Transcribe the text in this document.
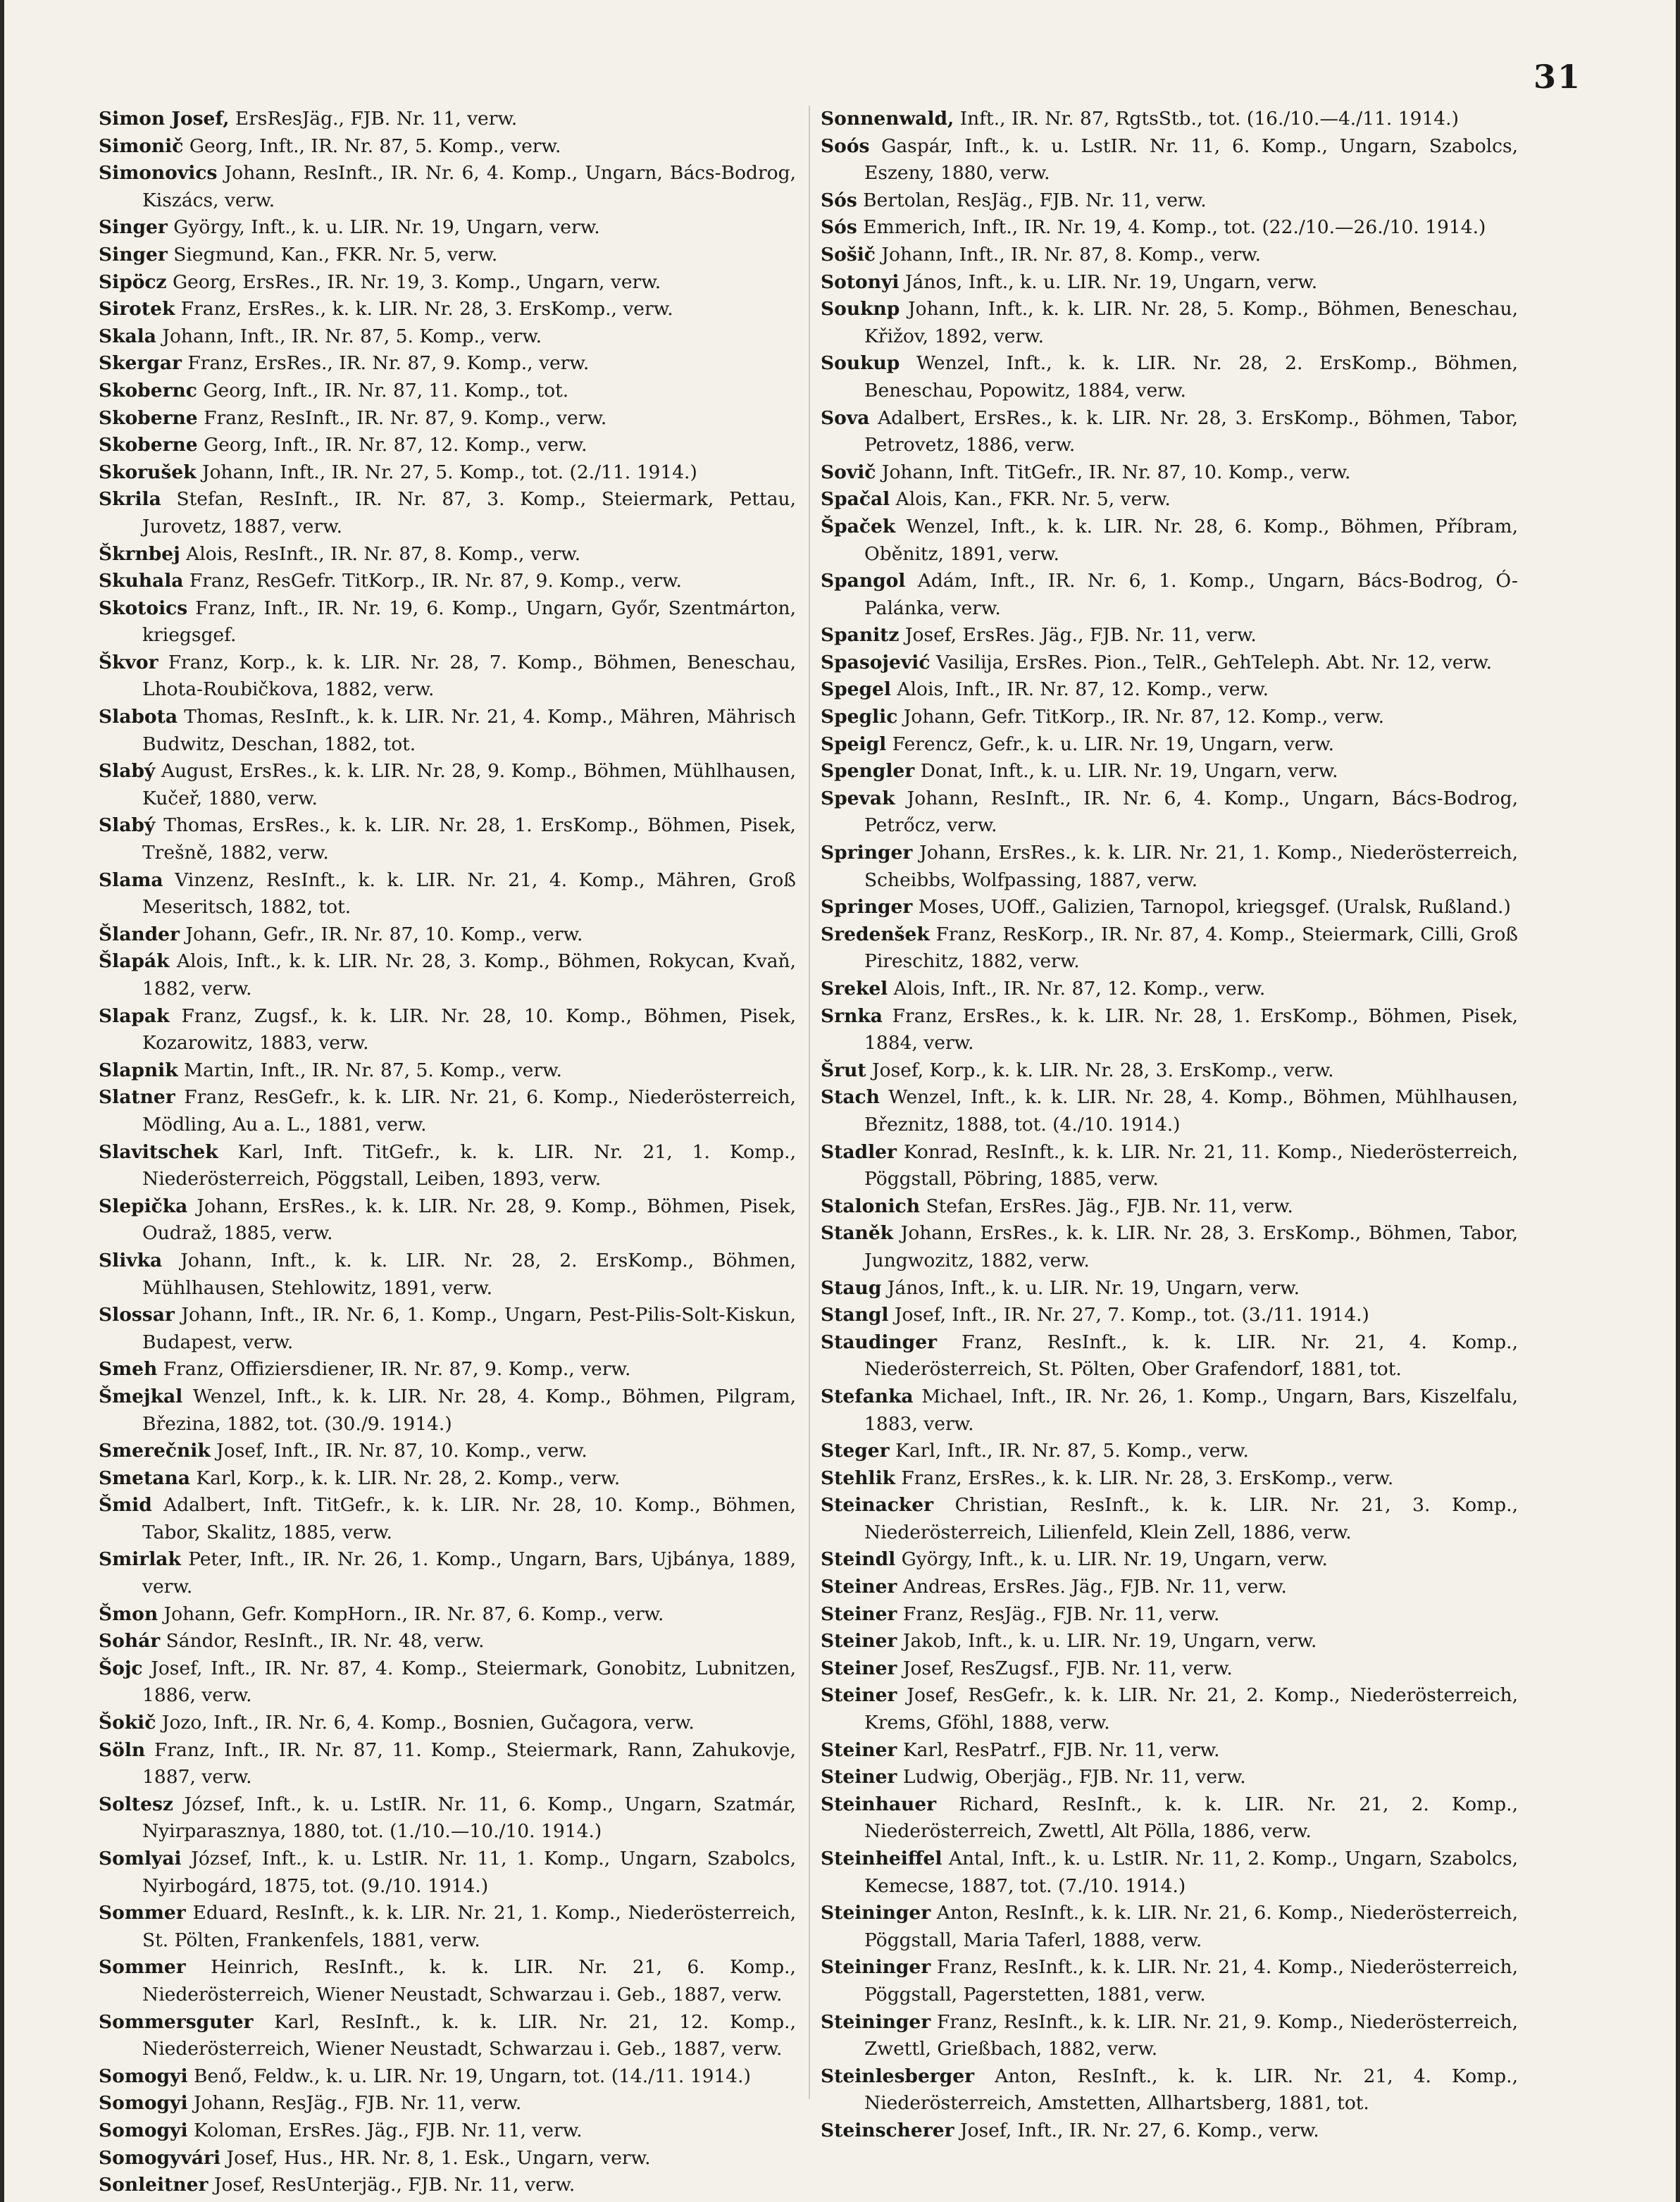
31
Simon Josef, ErsResJäg., FJB. Nr. 11, verw.
Simonič Georg, Inft., IR. Nr. 87, 5. Komp., verw.
Simonovics Johann, ResInft., IR. Nr. 6, 4. Komp., Ungarn, Bács-Bodrog, Kiszács, verw.
Singer György, Inft., k. u. LIR. Nr. 19, Ungarn, verw.
Singer Siegmund, Kan., FKR. Nr. 5, verw.
Sipöcz Georg, ErsRes., IR. Nr. 19, 3. Komp., Ungarn, verw.
Sirotek Franz, ErsRes., k. k. LIR. Nr. 28, 3. ErsKomp., verw.
Skala Johann, Inft., IR. Nr. 87, 5. Komp., verw.
Skergar Franz, ErsRes., IR. Nr. 87, 9. Komp., verw.
Skobernc Georg, Inft., IR. Nr. 87, 11. Komp., tot.
Skoberne Franz, ResInft., IR. Nr. 87, 9. Komp., verw.
Skoberne Georg, Inft., IR. Nr. 87, 12. Komp., verw.
Skorušek Johann, Inft., IR. Nr. 27, 5. Komp., tot. (2./11. 1914.)
Skrila Stefan, ResInft., IR. Nr. 87, 3. Komp., Steiermark, Pettau, Jurovetz, 1887, verw.
Škrnbej Alois, ResInft., IR. Nr. 87, 8. Komp., verw.
Skuhala Franz, ResGefr. TitKorp., IR. Nr. 87, 9. Komp., verw.
Skotoics Franz, Inft., IR. Nr. 19, 6. Komp., Ungarn, Győr, Szentmárton, kriegsgef.
Škvor Franz, Korp., k. k. LIR. Nr. 28, 7. Komp., Böhmen, Beneschau, Lhota-Roubičkova, 1882, verw.
Slabota Thomas, ResInft., k. k. LIR. Nr. 21, 4. Komp., Mähren, Mährisch Budwitz, Deschan, 1882, tot.
Slabý August, ErsRes., k. k. LIR. Nr. 28, 9. Komp., Böhmen, Mühlhausen, Kučeř, 1880, verw.
Slabý Thomas, ErsRes., k. k. LIR. Nr. 28, 1. ErsKomp., Böhmen, Pisek, Trešně, 1882, verw.
Slama Vinzenz, ResInft., k. k. LIR. Nr. 21, 4. Komp., Mähren, Groß Meseritsch, 1882, tot.
Šlander Johann, Gefr., IR. Nr. 87, 10. Komp., verw.
Šlapák Alois, Inft., k. k. LIR. Nr. 28, 3. Komp., Böhmen, Rokycan, Kvaň, 1882, verw.
Slapak Franz, Zugsf., k. k. LIR. Nr. 28, 10. Komp., Böhmen, Pisek, Kozarowitz, 1883, verw.
Slapnik Martin, Inft., IR. Nr. 87, 5. Komp., verw.
Slatner Franz, ResGefr., k. k. LIR. Nr. 21, 6. Komp., Niederösterreich, Mödling, Au a. L., 1881, verw.
Slavitschek Karl, Inft. TitGefr., k. k. LIR. Nr. 21, 1. Komp., Niederösterreich, Pöggstall, Leiben, 1893, verw.
Slepička Johann, ErsRes., k. k. LIR. Nr. 28, 9. Komp., Böhmen, Pisek, Oudraž, 1885, verw.
Slivka Johann, Inft., k. k. LIR. Nr. 28, 2. ErsKomp., Böhmen, Mühlhausen, Stehlowitz, 1891, verw.
Slossar Johann, Inft., IR. Nr. 6, 1. Komp., Ungarn, Pest-Pilis-Solt-Kiskun, Budapest, verw.
Smeh Franz, Offiziersdiener, IR. Nr. 87, 9. Komp., verw.
Šmejkal Wenzel, Inft., k. k. LIR. Nr. 28, 4. Komp., Böhmen, Pilgram, Březina, 1882, tot. (30./9. 1914.)
Smerečnik Josef, Inft., IR. Nr. 87, 10. Komp., verw.
Smetana Karl, Korp., k. k. LIR. Nr. 28, 2. Komp., verw.
Šmid Adalbert, Inft. TitGefr., k. k. LIR. Nr. 28, 10. Komp., Böhmen, Tabor, Skalitz, 1885, verw.
Smirlak Peter, Inft., IR. Nr. 26, 1. Komp., Ungarn, Bars, Ujbánya, 1889, verw.
Šmon Johann, Gefr. KompHorn., IR. Nr. 87, 6. Komp., verw.
Sohár Sándor, ResInft., IR. Nr. 48, verw.
Šojc Josef, Inft., IR. Nr. 87, 4. Komp., Steiermark, Gonobitz, Lubnitzen, 1886, verw.
Šokič Jozo, Inft., IR. Nr. 6, 4. Komp., Bosnien, Gučagora, verw.
Söln Franz, Inft., IR. Nr. 87, 11. Komp., Steiermark, Rann, Zahukovje, 1887, verw.
Soltesz József, Inft., k. u. LstIR. Nr. 11, 6. Komp., Ungarn, Szatmár, Nyirparasznya, 1880, tot. (1./10.—10./10. 1914.)
Somlyai József, Inft., k. u. LstIR. Nr. 11, 1. Komp., Ungarn, Szabolcs, Nyirbogárd, 1875, tot. (9./10. 1914.)
Sommer Eduard, ResInft., k. k. LIR. Nr. 21, 1. Komp., Niederösterreich, St. Pölten, Frankenfels, 1881, verw.
Sommer Heinrich, ResInft., k. k. LIR. Nr. 21, 6. Komp., Niederösterreich, Wiener Neustadt, Schwarzau i. Geb., 1887, verw.
Sommersguter Karl, ResInft., k. k. LIR. Nr. 21, 12. Komp., Niederösterreich, Wiener Neustadt, Schwarzau i. Geb., 1887, verw.
Somogyi Benő, Feldw., k. u. LIR. Nr. 19, Ungarn, tot. (14./11. 1914.)
Somogyi Johann, ResJäg., FJB. Nr. 11, verw.
Somogyi Koloman, ErsRes. Jäg., FJB. Nr. 11, verw.
Somogyvári Josef, Hus., HR. Nr. 8, 1. Esk., Ungarn, verw.
Sonleitner Josef, ResUnterjäg., FJB. Nr. 11, verw.
Sonnenwald, Inft., IR. Nr. 87, RgtsStb., tot. (16./10.—4./11. 1914.)
Soós Gaspár, Inft., k. u. LstIR. Nr. 11, 6. Komp., Ungarn, Szabolcs, Eszeny, 1880, verw.
Sós Bertolan, ResJäg., FJB. Nr. 11, verw.
Sós Emmerich, Inft., IR. Nr. 19, 4. Komp., tot. (22./10.—26./10. 1914.)
Sošič Johann, Inft., IR. Nr. 87, 8. Komp., verw.
Sotonyi János, Inft., k. u. LIR. Nr. 19, Ungarn, verw.
Souknp Johann, Inft., k. k. LIR. Nr. 28, 5. Komp., Böhmen, Beneschau, Křižov, 1892, verw.
Soukup Wenzel, Inft., k. k. LIR. Nr. 28, 2. ErsKomp., Böhmen, Beneschau, Popowitz, 1884, verw.
Sova Adalbert, ErsRes., k. k. LIR. Nr. 28, 3. ErsKomp., Böhmen, Tabor, Petrovetz, 1886, verw.
Sovič Johann, Inft. TitGefr., IR. Nr. 87, 10. Komp., verw.
Spačal Alois, Kan., FKR. Nr. 5, verw.
Špaček Wenzel, Inft., k. k. LIR. Nr. 28, 6. Komp., Böhmen, Příbram, Oběnitz, 1891, verw.
Spangol Adám, Inft., IR. Nr. 6, 1. Komp., Ungarn, Bács-Bodrog, Ó-Palánka, verw.
Spanitz Josef, ErsRes. Jäg., FJB. Nr. 11, verw.
Spasojević Vasilija, ErsRes. Pion., TelR., GehTeleph. Abt. Nr. 12, verw.
Spegel Alois, Inft., IR. Nr. 87, 12. Komp., verw.
Speglic Johann, Gefr. TitKorp., IR. Nr. 87, 12. Komp., verw.
Speigl Ferencz, Gefr., k. u. LIR. Nr. 19, Ungarn, verw.
Spengler Donat, Inft., k. u. LIR. Nr. 19, Ungarn, verw.
Spevak Johann, ResInft., IR. Nr. 6, 4. Komp., Ungarn, Bács-Bodrog, Petrőcz, verw.
Springer Johann, ErsRes., k. k. LIR. Nr. 21, 1. Komp., Niederösterreich, Scheibbs, Wolfpassing, 1887, verw.
Springer Moses, UOff., Galizien, Tarnopol, kriegsgef. (Uralsk, Rußland.)
Sredenšek Franz, ResKorp., IR. Nr. 87, 4. Komp., Steiermark, Cilli, Groß Pireschitz, 1882, verw.
Srekel Alois, Inft., IR. Nr. 87, 12. Komp., verw.
Srnka Franz, ErsRes., k. k. LIR. Nr. 28, 1. ErsKomp., Böhmen, Pisek, 1884, verw.
Šrut Josef, Korp., k. k. LIR. Nr. 28, 3. ErsKomp., verw.
Stach Wenzel, Inft., k. k. LIR. Nr. 28, 4. Komp., Böhmen, Mühlhausen, Březnitz, 1888, tot. (4./10. 1914.)
Stadler Konrad, ResInft., k. k. LIR. Nr. 21, 11. Komp., Niederösterreich, Pöggstall, Pöbring, 1885, verw.
Stalonich Stefan, ErsRes. Jäg., FJB. Nr. 11, verw.
Staněk Johann, ErsRes., k. k. LIR. Nr. 28, 3. ErsKomp., Böhmen, Tabor, Jungwozitz, 1882, verw.
Staug János, Inft., k. u. LIR. Nr. 19, Ungarn, verw.
Stangl Josef, Inft., IR. Nr. 27, 7. Komp., tot. (3./11. 1914.)
Staudinger Franz, ResInft., k. k. LIR. Nr. 21, 4. Komp., Niederösterreich, St. Pölten, Ober Grafendorf, 1881, tot.
Stefanka Michael, Inft., IR. Nr. 26, 1. Komp., Ungarn, Bars, Kiszelfalu, 1883, verw.
Steger Karl, Inft., IR. Nr. 87, 5. Komp., verw.
Stehlik Franz, ErsRes., k. k. LIR. Nr. 28, 3. ErsKomp., verw.
Steinacker Christian, ResInft., k. k. LIR. Nr. 21, 3. Komp., Niederösterreich, Lilienfeld, Klein Zell, 1886, verw.
Steindl György, Inft., k. u. LIR. Nr. 19, Ungarn, verw.
Steiner Andreas, ErsRes. Jäg., FJB. Nr. 11, verw.
Steiner Franz, ResJäg., FJB. Nr. 11, verw.
Steiner Jakob, Inft., k. u. LIR. Nr. 19, Ungarn, verw.
Steiner Josef, ResZugsf., FJB. Nr. 11, verw.
Steiner Josef, ResGefr., k. k. LIR. Nr. 21, 2. Komp., Niederösterreich, Krems, Gföhl, 1888, verw.
Steiner Karl, ResPatrf., FJB. Nr. 11, verw.
Steiner Ludwig, Oberjäg., FJB. Nr. 11, verw.
Steinhauer Richard, ResInft., k. k. LIR. Nr. 21, 2. Komp., Niederösterreich, Zwettl, Alt Pölla, 1886, verw.
Steinheiffel Antal, Inft., k. u. LstIR. Nr. 11, 2. Komp., Ungarn, Szabolcs, Kemecse, 1887, tot. (7./10. 1914.)
Steininger Anton, ResInft., k. k. LIR. Nr. 21, 6. Komp., Niederösterreich, Pöggstall, Maria Taferl, 1888, verw.
Steininger Franz, ResInft., k. k. LIR. Nr. 21, 4. Komp., Niederösterreich, Pöggstall, Pagerstetten, 1881, verw.
Steininger Franz, ResInft., k. k. LIR. Nr. 21, 9. Komp., Niederösterreich, Zwettl, Grießbach, 1882, verw.
Steinlesberger Anton, ResInft., k. k. LIR. Nr. 21, 4. Komp., Niederösterreich, Amstetten, Allhartsberg, 1881, tot.
Steinscherer Josef, Inft., IR. Nr. 27, 6. Komp., verw.
